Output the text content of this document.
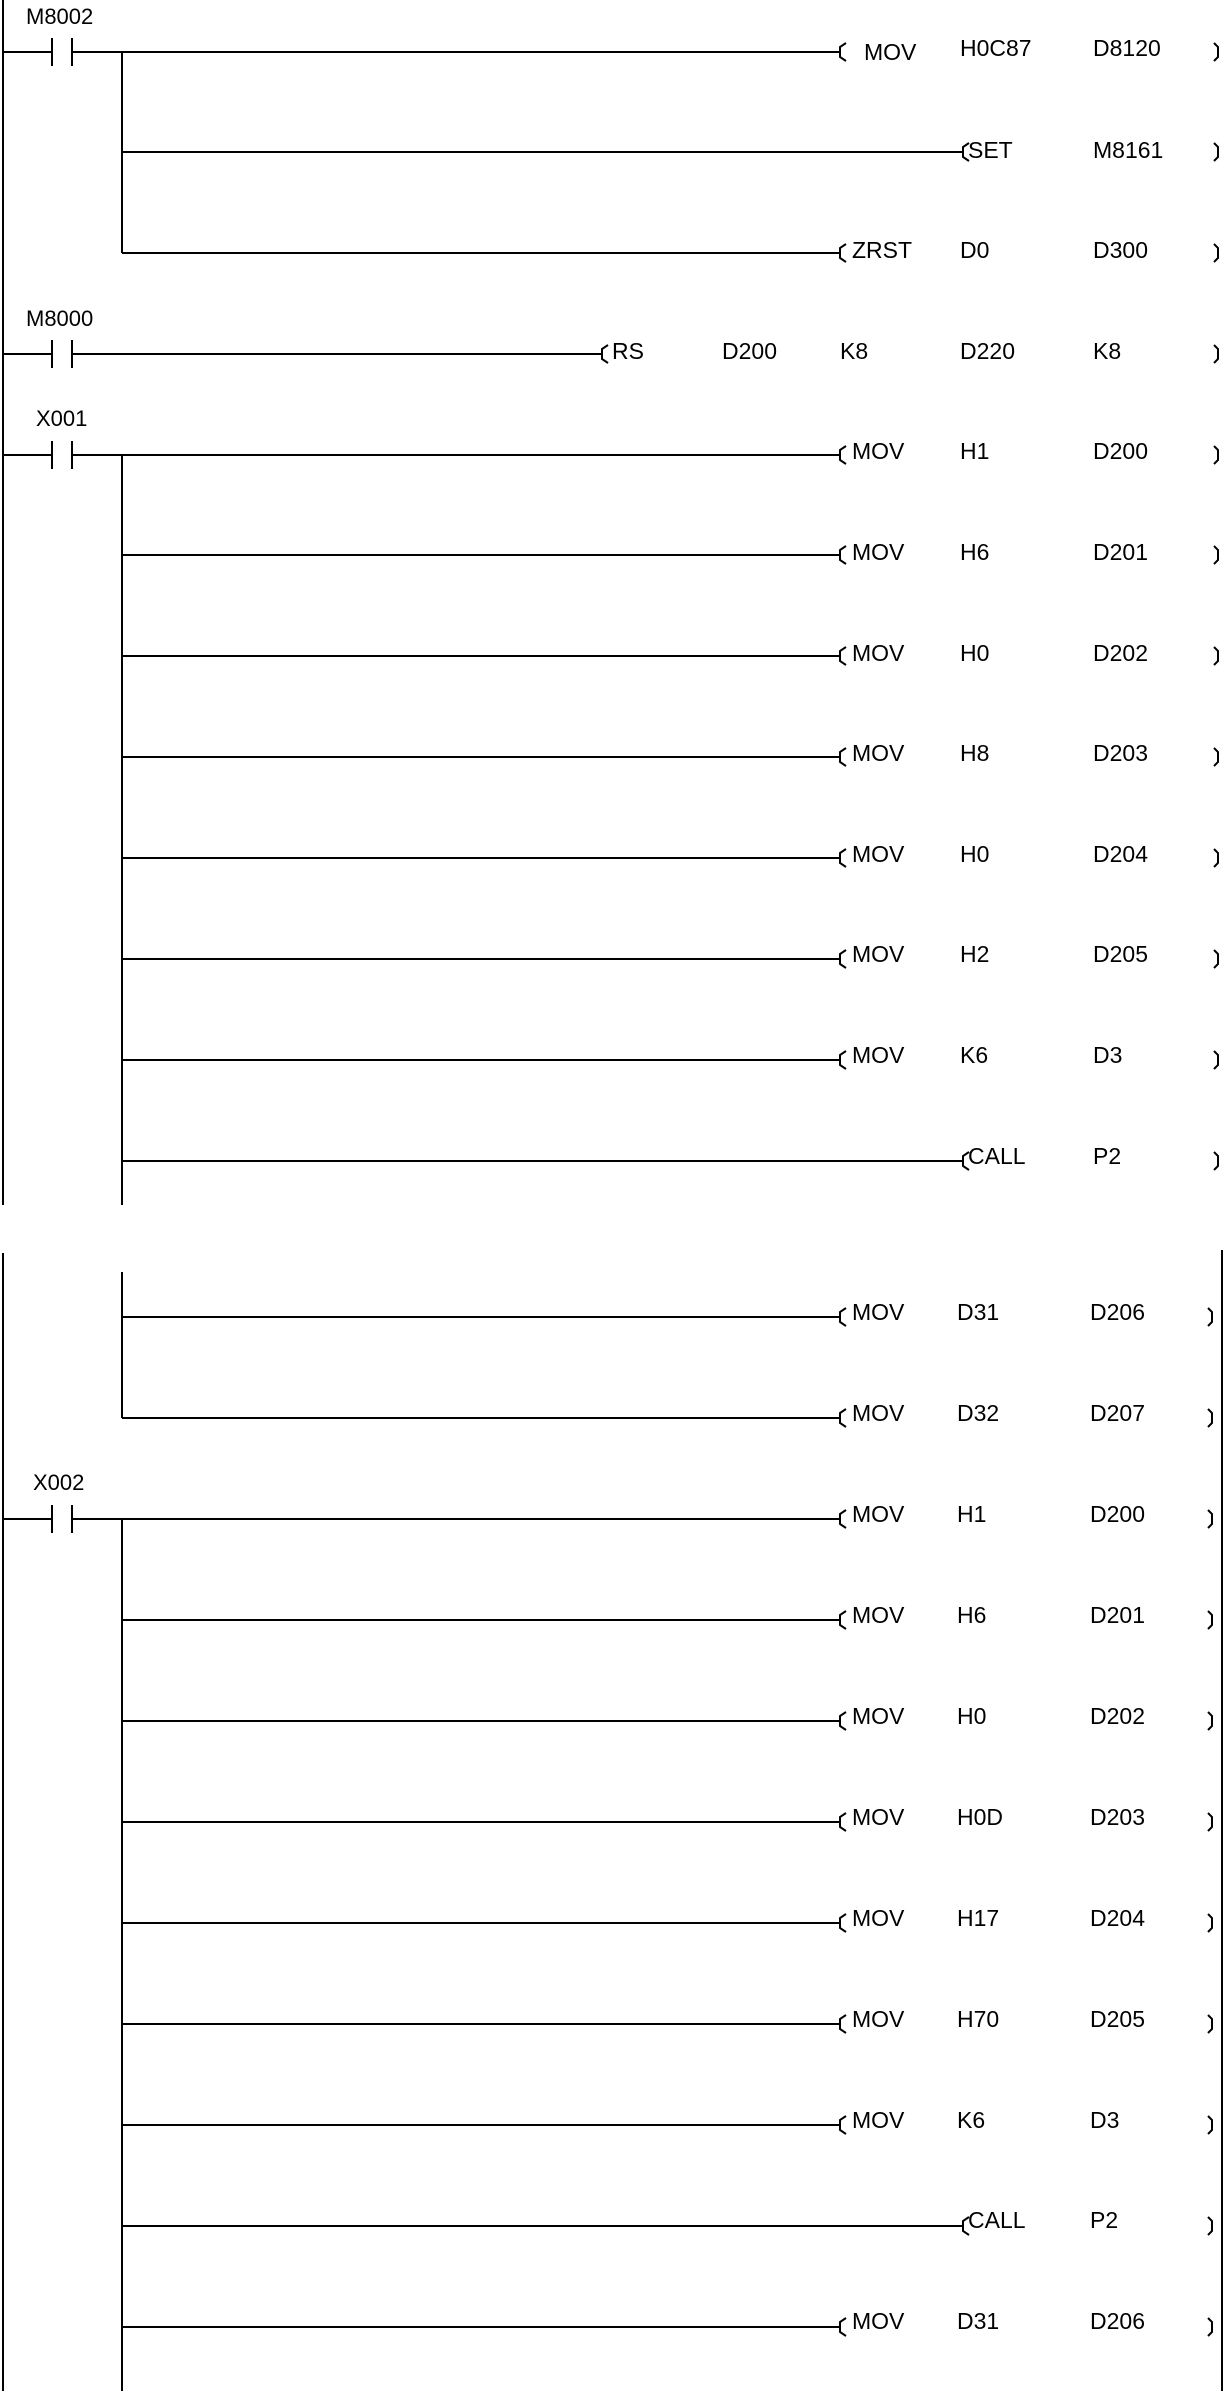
M8002
MOV H0C87	D8120
SET	M8161
ZRST D0	D300
M8000
RS	D200	K8	D220	K8
X001
MOV H1	D200
MOV H6	D201
MOV H0	D202
MOV H8	D203
MOV H0	D204
MOV H2	D205
MOV K6	D3
CALL	P2
MOV D31	D206
MOV D32	D207
X002
MOV H1	D200
MOV H6	D201
MOV H0	D202
MOV H0D	D203
MOV H17	D204
MOV H70	D205
MOV K6	D3
CALL	P2
MOV D31	D206
